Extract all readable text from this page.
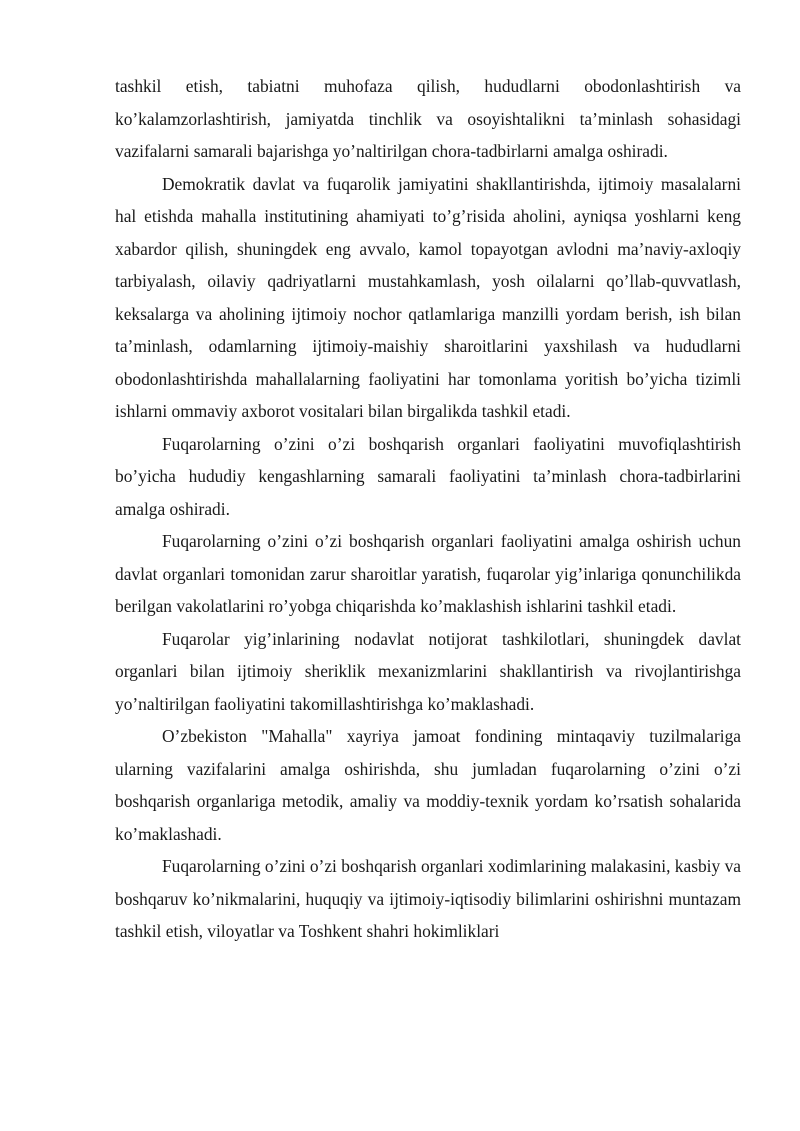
tashkil etish, tabiatni muhofaza qilish, hududlarni obodonlashtirish va ko’kalamzorlashtirish, jamiyatda tinchlik va osoyishtalikni ta’minlash sohasidagi vazifalarni samarali bajarishga yo’naltirilgan chora-tadbirlarni amalga oshiradi.

Demokratik davlat va fuqarolik jamiyatini shakllantirishda, ijtimoiy masalalarni hal etishda mahalla institutining ahamiyati to’g’risida aholini, ayniqsa yoshlarni keng xabardor qilish, shuningdek eng avvalo, kamol topayotgan avlodni ma’naviy-axloqiy tarbiyalash, oilaviy qadriyatlarni mustahkamlash, yosh oilalarni qo’llab-quvvatlash, keksalarga va aholining ijtimoiy nochor qatlamlariga manzilli yordam berish, ish bilan ta’minlash, odamlarning ijtimoiy-maishiy sharoitlarini yaxshilash va hududlarni obodonlashtirishda mahallalarning faoliyatini har tomonlama yoritish bo’yicha tizimli ishlarni ommaviy axborot vositalari bilan birgalikda tashkil etadi.

Fuqarolarning o’zini o’zi boshqarish organlari faoliyatini muvofiqlashtirish bo’yicha hududiy kengashlarning samarali faoliyatini ta’minlash chora-tadbirlarini amalga oshiradi.

Fuqarolarning o’zini o’zi boshqarish organlari faoliyatini amalga oshirish uchun davlat organlari tomonidan zarur sharoitlar yaratish, fuqarolar yig’inlariga qonunchilikda berilgan vakolatlarini ro’yobga chiqarishda ko’maklashish ishlarini tashkil etadi.

Fuqarolar yig’inlarining nodavlat notijorat tashkilotlari, shuningdek davlat organlari bilan ijtimoiy sheriklik mexanizmlarini shakllantirish va rivojlantirishga yo’naltirilgan faoliyatini takomillashtirishga ko’maklashadi.

O’zbekiston "Mahalla" xayriya jamoat fondining mintaqaviy tuzilmalariga ularning vazifalarini amalga oshirishda, shu jumladan fuqarolarning o’zini o’zi boshqarish organlariga metodik, amaliy va moddiy-texnik yordam ko’rsatish sohalarida ko’maklashadi.

Fuqarolarning o’zini o’zi boshqarish organlari xodimlarining malakasini, kasbiy va boshqaruv ko’nikmalarini, huquqiy va ijtimoiy-iqtisodiy bilimlarini oshirishni muntazam tashkil etish, viloyatlar va Toshkent shahri hokimliklari
